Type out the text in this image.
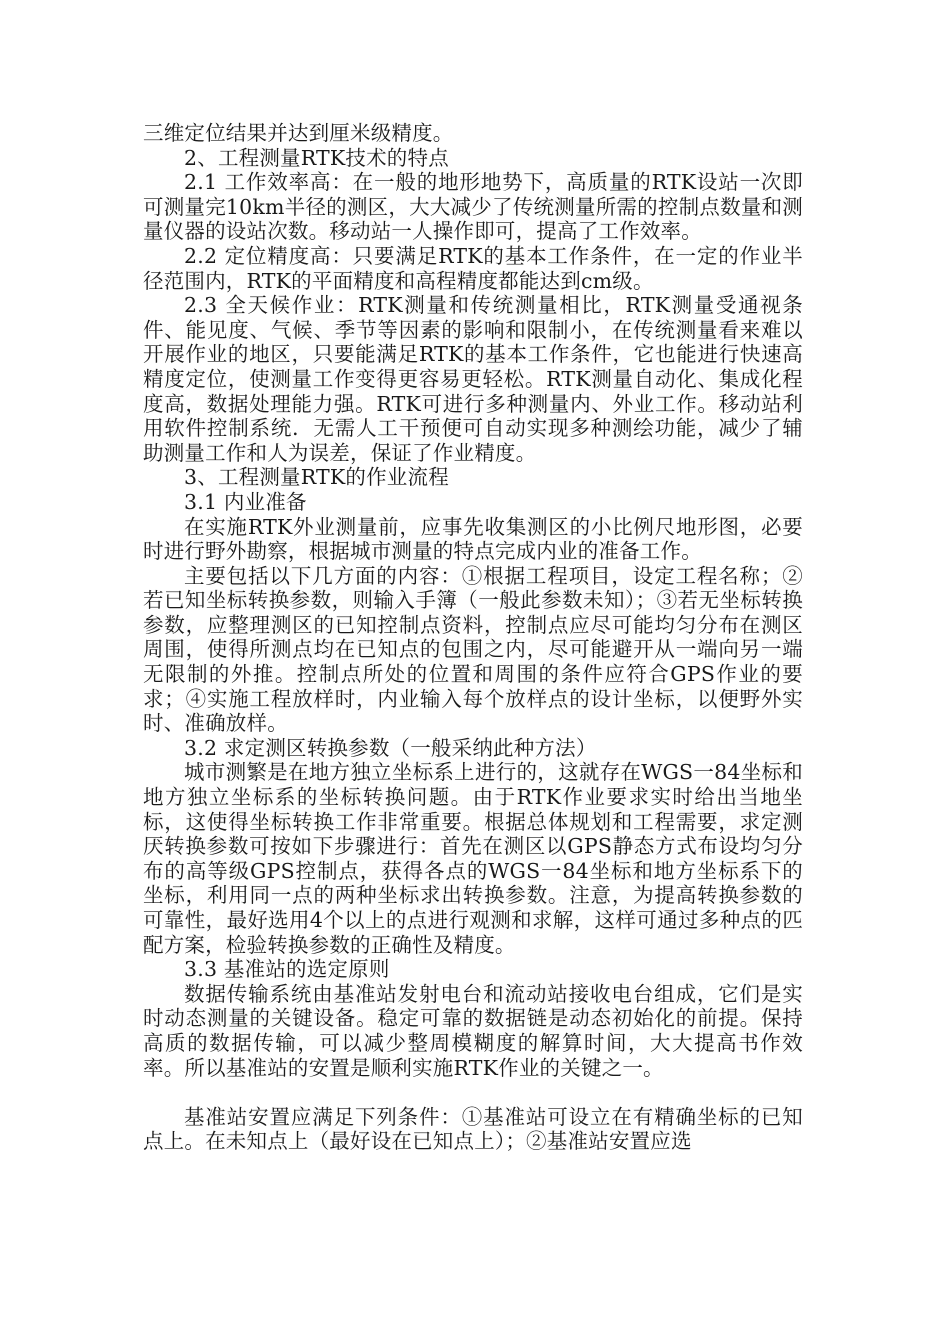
三维定位结果并达到厘米级精度。

2、工程测量RTK技术的特点

2.1 工作效率高：在一般的地形地势下，高质量的RTK设站一次即可测量完10km半径的测区，大大减少了传统测量所需的控制点数量和测量仪器的设站次数。移动站一人操作即可，提高了工作效率。

2.2 定位精度高：只要满足RTK的基本工作条件，在一定的作业半径范围内，RTK的平面精度和高程精度都能达到cm级。

2.3 全天候作业：RTK测量和传统测量相比，RTK测量受通视条件、能见度、气候、季节等因素的影响和限制小，在传统测量看来难以开展作业的地区，只要能满足RTK的基本工作条件，它也能进行快速高精度定位，使测量工作变得更容易更轻松。RTK测量自动化、集成化程度高，数据处理能力强。RTK可进行多种测量内、外业工作。移动站利用软件控制系统．无需人工干预便可自动实现多种测绘功能，减少了辅助测量工作和人为误差，保证了作业精度。

3、工程测量RTK的作业流程

3.1 内业准备

在实施RTK外业测量前，应事先收集测区的小比例尺地形图，必要时进行野外勘察，根据城市测量的特点完成内业的准备工作。

主要包括以下几方面的内容：①根据工程项目，设定工程名称；②若已知坐标转换参数，则输入手簿（一般此参数未知）；③若无坐标转换参数，应整理测区的已知控制点资料，控制点应尽可能均匀分布在测区周围，使得所测点均在已知点的包围之内，尽可能避开从一端向另一端无限制的外推。控制点所处的位置和周围的条件应符合GPS作业的要求；④实施工程放样时，内业输入每个放样点的设计坐标，以便野外实时、准确放样。

3.2 求定测区转换参数（一般采纳此种方法）

城市测繁是在地方独立坐标系上进行的，这就存在WGS一84坐标和地方独立坐标系的坐标转换问题。由于RTK作业要求实时给出当地坐标，这使得坐标转换工作非常重要。根据总体规划和工程需要，求定测厌转换参数可按如下步骤进行：首先在测区以GPS静态方式布设均匀分布的高等级GPS控制点，获得各点的WGS一84坐标和地方坐标系下的坐标，利用同一点的两种坐标求出转换参数。注意，为提高转换参数的可靠性，最好选用4个以上的点进行观测和求解，这样可通过多种点的匹配方案，检验转换参数的正确性及精度。

3.3 基准站的选定原则

数据传输系统由基准站发射电台和流动站接收电台组成，它们是实时动态测量的关键设备。稳定可靠的数据链是动态初始化的前提。保持高质的数据传输，可以减少整周模糊度的解算时间，大大提高书作效率。所以基准站的安置是顺利实施RTK作业的关键之一。

基准站安置应满足下列条件：①基准站可设立在有精确坐标的已知点上。在未知点上（最好设在已知点上）；②基准站安置应选
